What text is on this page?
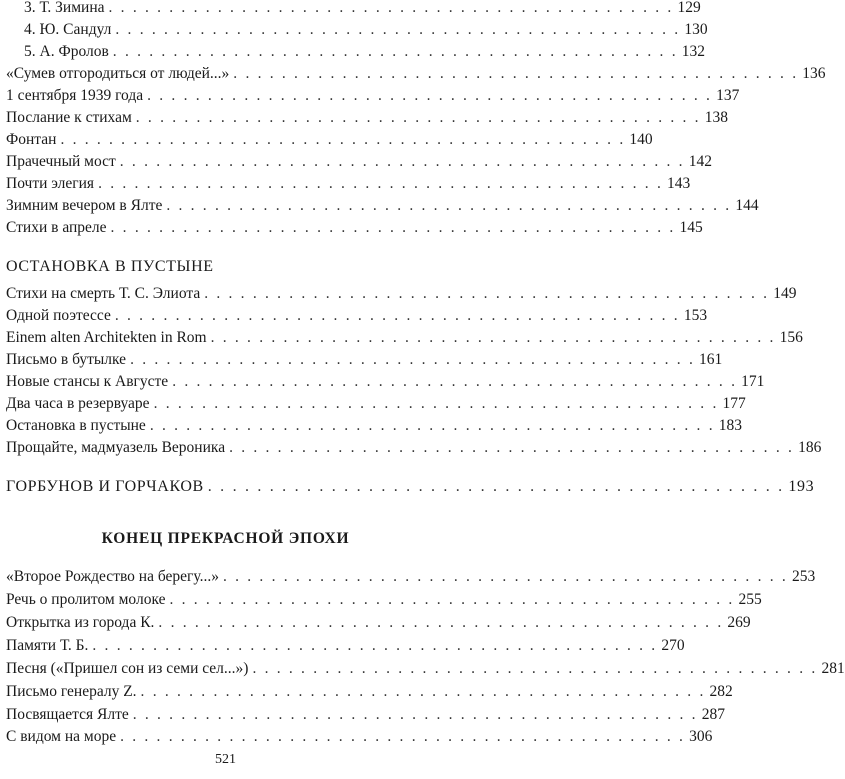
3. Т. Зимина . . . . . . . . . . . . . . . . . . . . . . . . . . . . . . . . . . . . . . . . . . . . . . . 129
4. Ю. Сандул . . . . . . . . . . . . . . . . . . . . . . . . . . . . . . . . . . . . . . . . . . . . . . . 130
5. А. Фролов . . . . . . . . . . . . . . . . . . . . . . . . . . . . . . . . . . . . . . . . . . . . . . . 132
«Сумев отгородиться от людей...» . . . . . . . . . . . . . . . . . . . . . . . . . . . . . . . . . . . . . . . . . . . . . . . 136
1 сентября 1939 года . . . . . . . . . . . . . . . . . . . . . . . . . . . . . . . . . . . . . . . . . . . . . . . 137
Послание к стихам . . . . . . . . . . . . . . . . . . . . . . . . . . . . . . . . . . . . . . . . . . . . . . . 138
Фонтан . . . . . . . . . . . . . . . . . . . . . . . . . . . . . . . . . . . . . . . . . . . . . . . 140
Прачечный мост . . . . . . . . . . . . . . . . . . . . . . . . . . . . . . . . . . . . . . . . . . . . . . . 142
Почти элегия . . . . . . . . . . . . . . . . . . . . . . . . . . . . . . . . . . . . . . . . . . . . . . . 143
Зимним вечером в Ялте . . . . . . . . . . . . . . . . . . . . . . . . . . . . . . . . . . . . . . . . . . . . . . . 144
Стихи в апреле . . . . . . . . . . . . . . . . . . . . . . . . . . . . . . . . . . . . . . . . . . . . . . . 145
ОСТАНОВКА В ПУСТЫНЕ
Стихи на смерть Т. С. Элиота . . . . . . . . . . . . . . . . . . . . . . . . . . . . . . . . . . . . . . . . . . . . . . . 149
Одной поэтессе . . . . . . . . . . . . . . . . . . . . . . . . . . . . . . . . . . . . . . . . . . . . . . . 153
Einem alten Architekten in Rom . . . . . . . . . . . . . . . . . . . . . . . . . . . . . . . . . . . . . . . . . . . . . . . 156
Письмо в бутылке . . . . . . . . . . . . . . . . . . . . . . . . . . . . . . . . . . . . . . . . . . . . . . . 161
Новые стансы к Августе . . . . . . . . . . . . . . . . . . . . . . . . . . . . . . . . . . . . . . . . . . . . . . . 171
Два часа в резервуаре . . . . . . . . . . . . . . . . . . . . . . . . . . . . . . . . . . . . . . . . . . . . . . . 177
Остановка в пустыне . . . . . . . . . . . . . . . . . . . . . . . . . . . . . . . . . . . . . . . . . . . . . . . 183
Прощайте, мадмуазель Вероника . . . . . . . . . . . . . . . . . . . . . . . . . . . . . . . . . . . . . . . . . . . . . . . 186
ГОРБУНОВ И ГОРЧАКОВ . . . . . . . . . . . . . . . . . . . . . . . . . . . . . . . . . . . . . . . . . . . . . . . 193
КОНЕЦ ПРЕКРАСНОЙ ЭПОХИ
«Второе Рождество на берегу...» . . . . . . . . . . . . . . . . . . . . . . . . . . . . . . . . . . . . . . . . . . . . . . . 253
Речь о пролитом молоке . . . . . . . . . . . . . . . . . . . . . . . . . . . . . . . . . . . . . . . . . . . . . . . 255
Открытка из города К. . . . . . . . . . . . . . . . . . . . . . . . . . . . . . . . . . . . . . . . . . . . . . . . 269
Памяти Т. Б. . . . . . . . . . . . . . . . . . . . . . . . . . . . . . . . . . . . . . . . . . . . . . . . 270
Песня («Пришел сон из семи сел...») . . . . . . . . . . . . . . . . . . . . . . . . . . . . . . . . . . . . . . . . . . . . . . . 281
Письмо генералу Z. . . . . . . . . . . . . . . . . . . . . . . . . . . . . . . . . . . . . . . . . . . . . . . . 282
Посвящается Ялте . . . . . . . . . . . . . . . . . . . . . . . . . . . . . . . . . . . . . . . . . . . . . . . 287
С видом на море . . . . . . . . . . . . . . . . . . . . . . . . . . . . . . . . . . . . . . . . . . . . . . . 306
521
